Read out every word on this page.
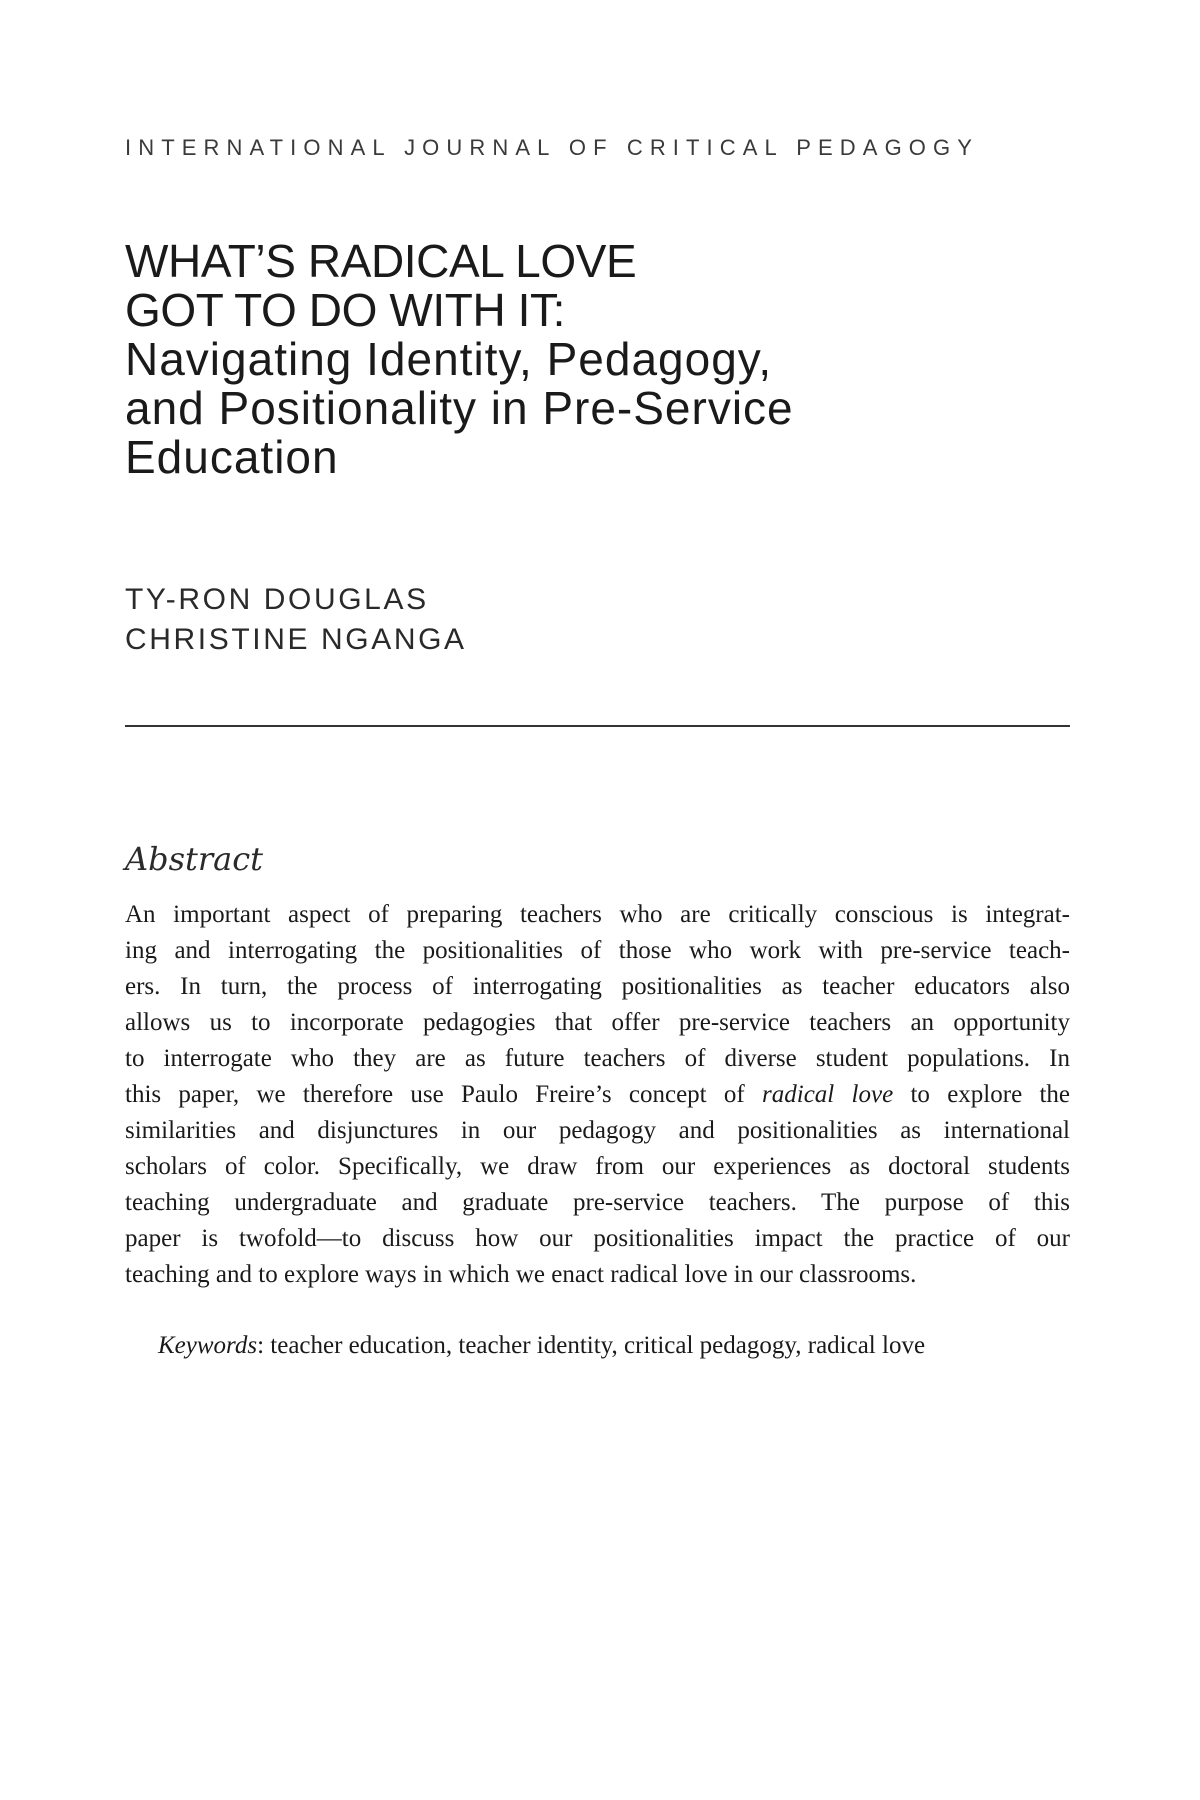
INTERNATIONAL JOURNAL OF CRITICAL PEDAGOGY
WHAT’S RADICAL LOVE
GOT TO DO WITH IT:
Navigating Identity, Pedagogy,
and Positionality in Pre-Service
Education
TY-RON DOUGLAS
CHRISTINE NGANGA
Abstract
An important aspect of preparing teachers who are critically conscious is integrat-
ing and interrogating the positionalities of those who work with pre-service teach-
ers. In turn, the process of interrogating positionalities as teacher educators also
allows us to incorporate pedagogies that offer pre-service teachers an opportunity
to interrogate who they are as future teachers of diverse student populations. In
this paper, we therefore use Paulo Freire’s concept of radical love to explore the
similarities and disjunctures in our pedagogy and positionalities as international
scholars of color. Specifically, we draw from our experiences as doctoral students
teaching undergraduate and graduate pre-service teachers. The purpose of this
paper is twofold—to discuss how our positionalities impact the practice of our
teaching and to explore ways in which we enact radical love in our classrooms.
Keywords: teacher education, teacher identity, critical pedagogy, radical love
